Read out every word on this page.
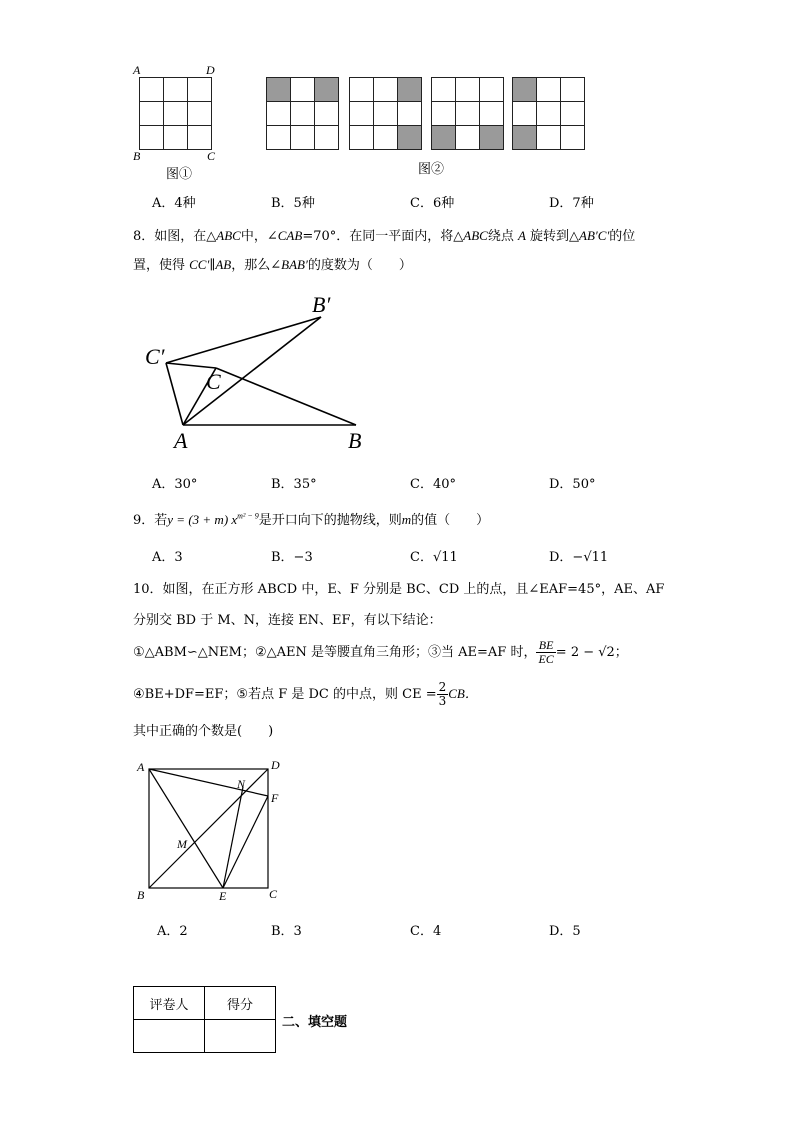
A	D
B	C
图①	图②
A．4种	B．5种	C．6种	D．7种
8．如图，在△ABC中，∠CAB=70°．在同一平面内，将△ABC绕点 A 旋转到△AB′C′的位
置，使得 CC′∥AB，那么∠BAB′的度数为（　　）
B′
C′
C
A	B
A．30°	B．35°	C．40°	D．50°
9．若y = (3 + m) $x^{m^2 - 9}$是开口向下的抛物线，则m的值（　　）
A．3	B．−3	C．√11	D．−√11
10．如图，在正方形 ABCD 中，E、F 分别是 BC、CD 上的点，且∠EAF=45°，AE、AF
分别交 BD 于 M、N，连接 EN、EF，有以下结论：
①△ABM∽△NEM；②△AEN 是等腰直角三角形；③当 AE=AF 时， $\frac{BE}{EC} = 2 - √2$；
④BE+DF=EF；⑤若点 F 是 DC 的中点，则 CE = $\frac{2}{3}$ CB．
其中正确的个数是(　　)
A	D
N
F
M
B	E	C
A．2	B．3	C．4	D．5
评卷人	得分

二、填空题
